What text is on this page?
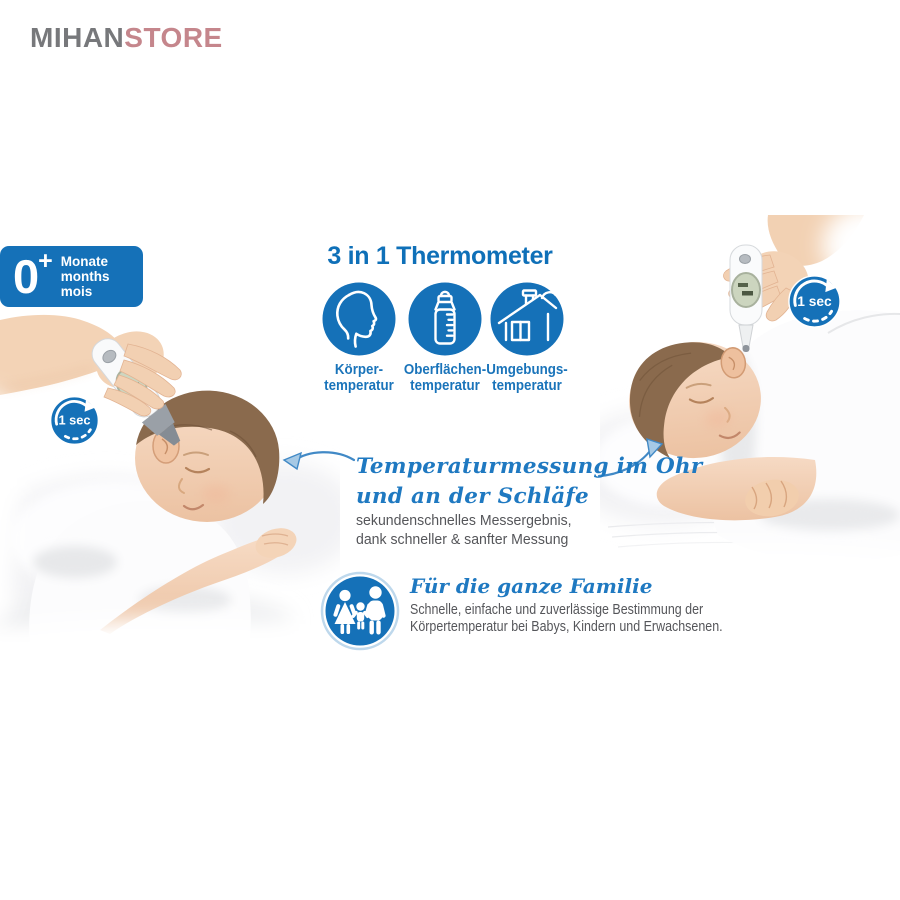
MIHANSTORE
0 + Monate
months
mois
3 in 1 Thermometer
Körper-
temperatur
Oberflächen-
temperatur
Umgebungs-
temperatur
1 sec
1 sec
Temperaturmessung im Ohr
und an der Schläfe
sekundenschnelles Messergebnis,
dank schneller & sanfter Messung
Für die ganze Familie
Schnelle, einfache und zuverlässige Bestimmung der
Körpertemperatur bei Babys, Kindern und Erwachsenen.
